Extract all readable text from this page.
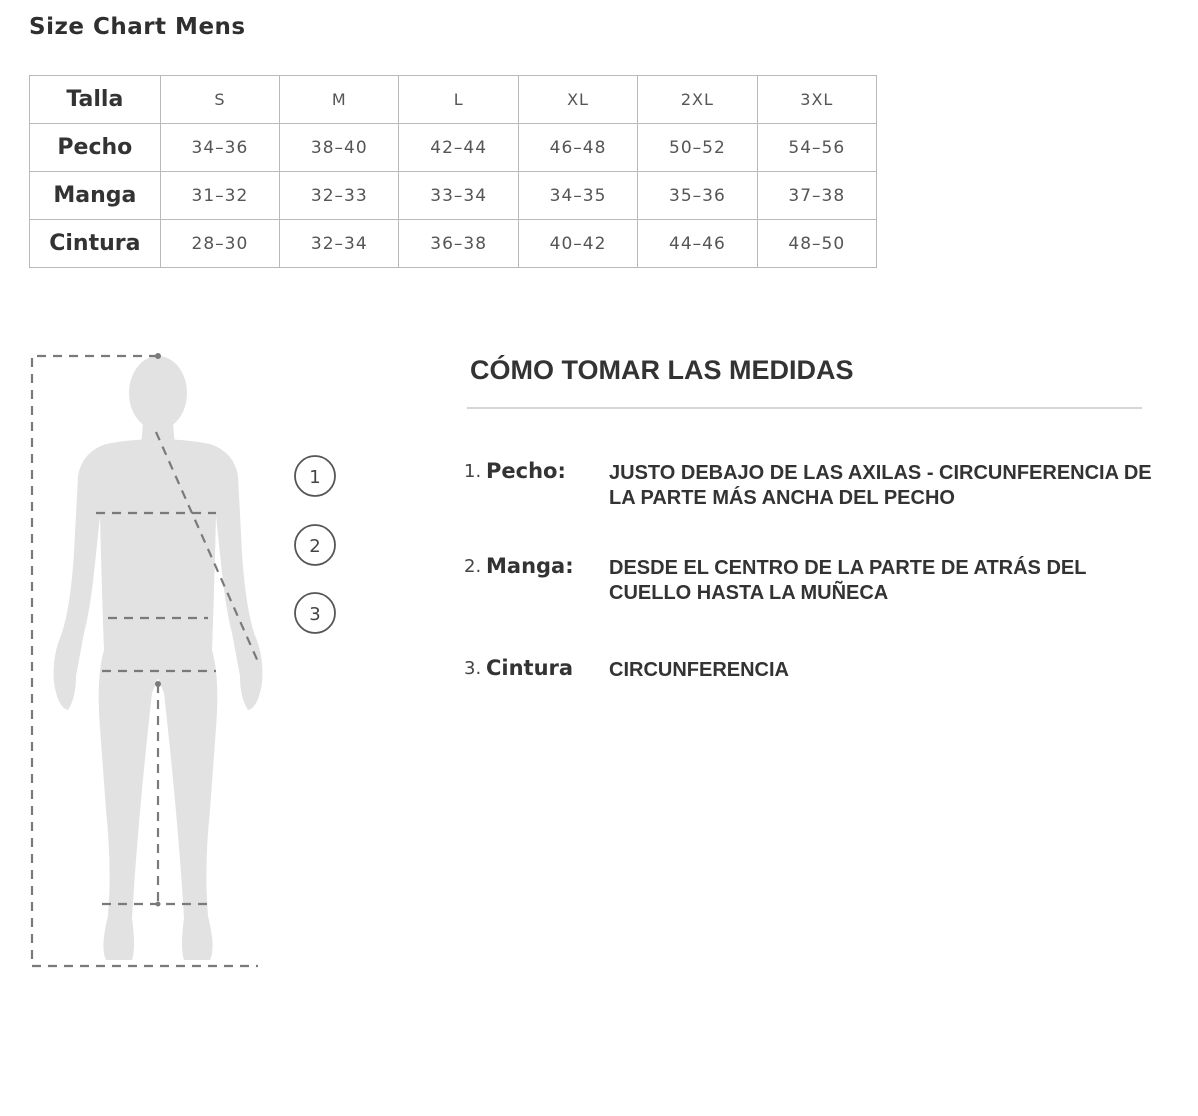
Size Chart Mens
Talla	S	M	L	XL	2XL	3XL
Pecho	34–36	38–40	42–44	46–48	50–52	54–56
Manga	31–32	32–33	33–34	34–35	35–36	37–38
Cintura	28–30	32–34	36–38	40–42	44–46	48–50
1
2
3
CÓMO TOMAR LAS MEDIDAS
1. Pecho: JUSTO DEBAJO DE LAS AXILAS - CIRCUNFERENCIA DE LA PARTE MÁS ANCHA DEL PECHO
2. Manga: DESDE EL CENTRO DE LA PARTE DE ATRÁS DEL CUELLO HASTA LA MUÑECA
3. Cintura CIRCUNFERENCIA
